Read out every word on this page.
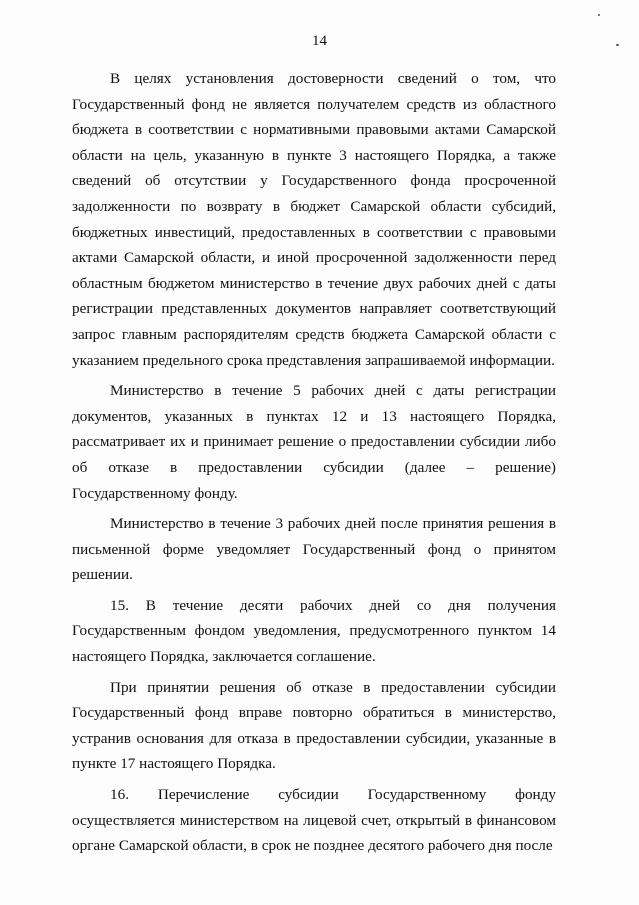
14

В целях установления достоверности сведений о том, что Государственный фонд не является получателем средств из областного бюджета в соответствии с нормативными правовыми актами Самарской области на цель, указанную в пункте 3 настоящего Порядка, а также сведений об отсутствии у Государственного фонда просроченной задолженности по возврату в бюджет Самарской области субсидий, бюджетных инвестиций, предоставленных в соответствии с правовыми актами Самарской области, и иной просроченной задолженности перед областным бюджетом министерство в течение двух рабочих дней с даты регистрации представленных документов направляет соответствующий запрос главным распорядителям средств бюджета Самарской области с указанием предельного срока представления запрашиваемой информации.

Министерство в течение 5 рабочих дней с даты регистрации документов, указанных в пунктах 12 и 13 настоящего Порядка, рассматривает их и принимает решение о предоставлении субсидии либо об отказе в предоставлении субсидии (далее – решение) Государственному фонду.

Министерство в течение 3 рабочих дней после принятия решения в письменной форме уведомляет Государственный фонд о принятом решении.

15. В течение десяти рабочих дней со дня получения Государственным фондом уведомления, предусмотренного пунктом 14 настоящего Порядка, заключается соглашение.

При принятии решения об отказе в предоставлении субсидии Государственный фонд вправе повторно обратиться в министерство, устранив основания для отказа в предоставлении субсидии, указанные в пункте 17 настоящего Порядка.

16. Перечисление субсидии Государственному фонду осуществляется министерством на лицевой счет, открытый в финансовом органе Самарской области, в срок не позднее десятого рабочего дня после
